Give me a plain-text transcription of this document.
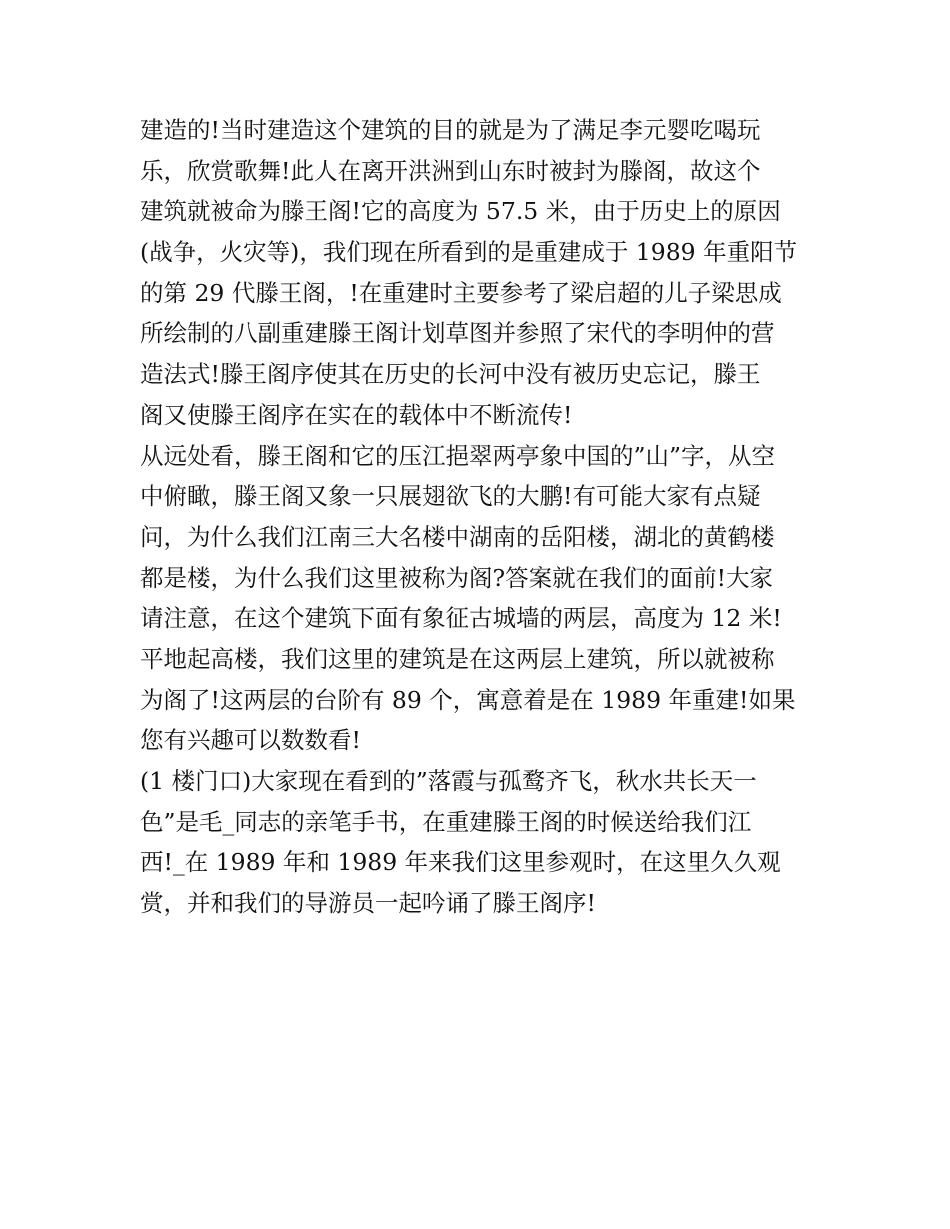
建造的!当时建造这个建筑的目的就是为了满足李元婴吃喝玩
乐，欣赏歌舞!此人在离开洪洲到山东时被封为滕阁，故这个
建筑就被命为滕王阁!它的高度为 57.5 米，由于历史上的原因
(战争，火灾等)，我们现在所看到的是重建成于 1989 年重阳节
的第 29 代滕王阁，!在重建时主要参考了梁启超的儿子梁思成
所绘制的八副重建滕王阁计划草图并参照了宋代的李明仲的营
造法式!滕王阁序使其在历史的长河中没有被历史忘记，滕王
阁又使滕王阁序在实在的载体中不断流传!
从远处看，滕王阁和它的压江挹翠两亭象中国的”山”字，从空
中俯瞰，滕王阁又象一只展翅欲飞的大鹏!有可能大家有点疑
问，为什么我们江南三大名楼中湖南的岳阳楼，湖北的黄鹤楼
都是楼，为什么我们这里被称为阁?答案就在我们的面前!大家
请注意，在这个建筑下面有象征古城墙的两层，高度为 12 米!
平地起高楼，我们这里的建筑是在这两层上建筑，所以就被称
为阁了!这两层的台阶有 89 个，寓意着是在 1989 年重建!如果
您有兴趣可以数数看!
(1 楼门口)大家现在看到的”落霞与孤鹜齐飞，秋水共长天一
色”是毛_同志的亲笔手书，在重建滕王阁的时候送给我们江
西!_在 1989 年和 1989 年来我们这里参观时，在这里久久观
赏，并和我们的导游员一起吟诵了滕王阁序!
